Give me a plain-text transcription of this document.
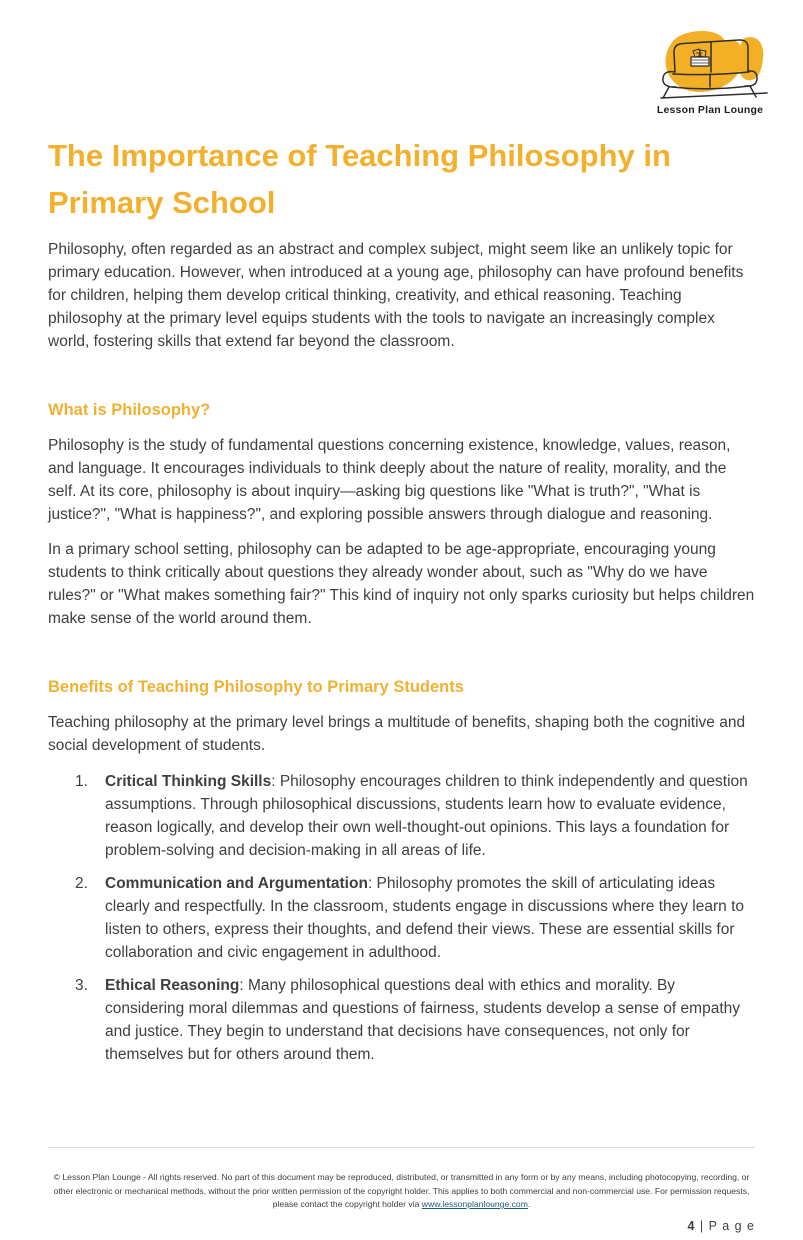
Lesson Plan Lounge
The Importance of Teaching Philosophy in Primary School

Philosophy, often regarded as an abstract and complex subject, might seem like an unlikely topic for primary education. However, when introduced at a young age, philosophy can have profound benefits for children, helping them develop critical thinking, creativity, and ethical reasoning. Teaching philosophy at the primary level equips students with the tools to navigate an increasingly complex world, fostering skills that extend far beyond the classroom.

What is Philosophy?

Philosophy is the study of fundamental questions concerning existence, knowledge, values, reason, and language. It encourages individuals to think deeply about the nature of reality, morality, and the self. At its core, philosophy is about inquiry—asking big questions like "What is truth?", "What is justice?", "What is happiness?", and exploring possible answers through dialogue and reasoning.

In a primary school setting, philosophy can be adapted to be age-appropriate, encouraging young students to think critically about questions they already wonder about, such as "Why do we have rules?" or "What makes something fair?" This kind of inquiry not only sparks curiosity but helps children make sense of the world around them.

Benefits of Teaching Philosophy to Primary Students

Teaching philosophy at the primary level brings a multitude of benefits, shaping both the cognitive and social development of students.

1.	Critical Thinking Skills: Philosophy encourages children to think independently and question assumptions. Through philosophical discussions, students learn how to evaluate evidence, reason logically, and develop their own well-thought-out opinions. This lays a foundation for problem-solving and decision-making in all areas of life.
2.	Communication and Argumentation: Philosophy promotes the skill of articulating ideas clearly and respectfully. In the classroom, students engage in discussions where they learn to listen to others, express their thoughts, and defend their views. These are essential skills for collaboration and civic engagement in adulthood.
3.	Ethical Reasoning: Many philosophical questions deal with ethics and morality. By considering moral dilemmas and questions of fairness, students develop a sense of empathy and justice. They begin to understand that decisions have consequences, not only for themselves but for others around them.
© Lesson Plan Lounge - All rights reserved. No part of this document may be reproduced, distributed, or transmitted in any form or by any means, including photocopying, recording, or other electronic or mechanical methods, without the prior written permission of the copyright holder. This applies to both commercial and non-commercial use. For permission requests, please contact the copyright holder via www.lessonplanlounge.com.
4 | P a g e
